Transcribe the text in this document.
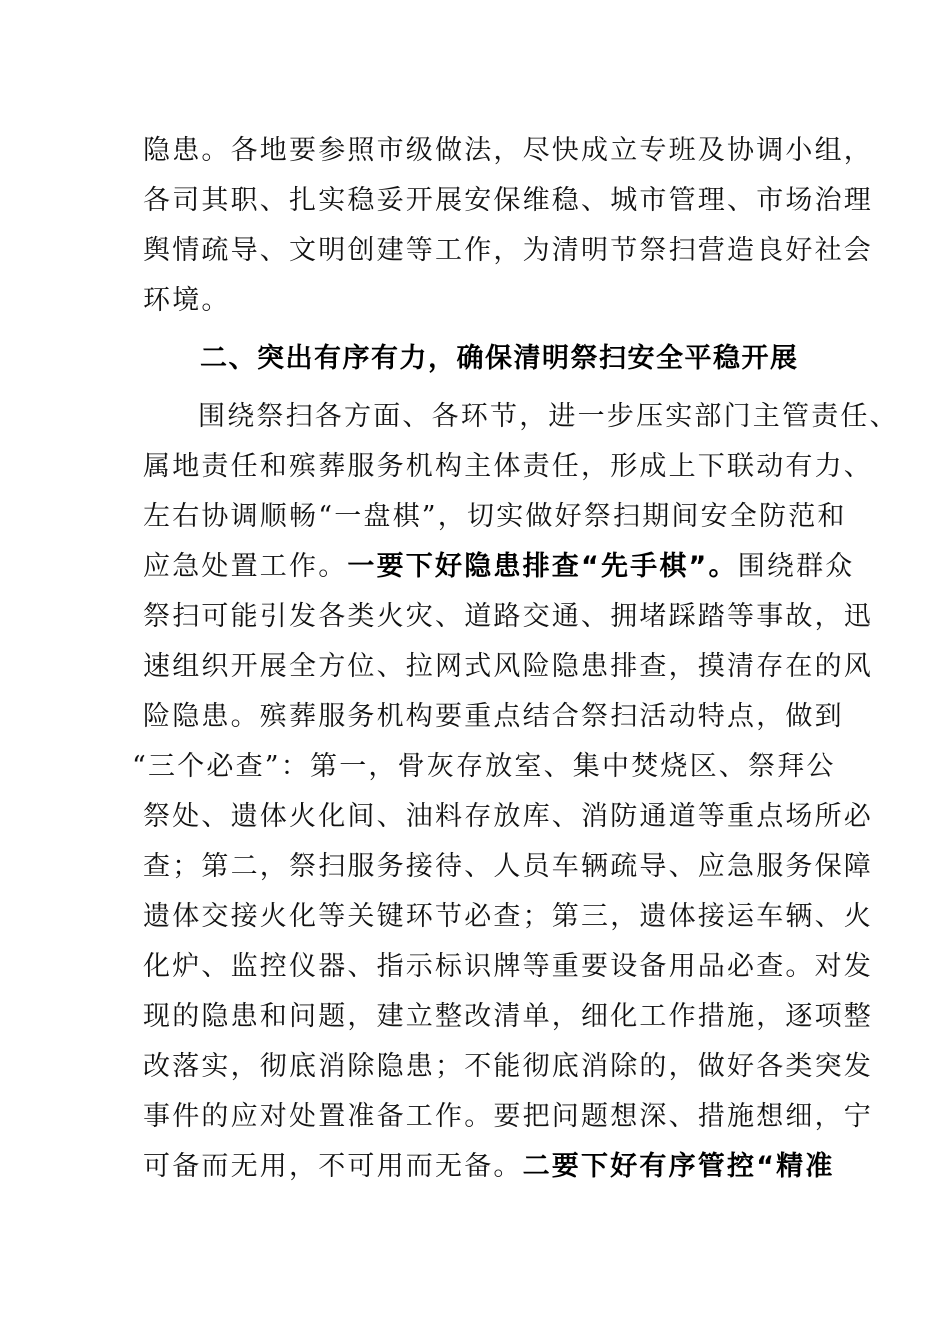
隐患。各地要参照市级做法，尽快成立专班及协调小组，
各司其职、扎实稳妥开展安保维稳、城市管理、市场治理
舆情疏导、文明创建等工作，为清明节祭扫营造良好社会
环境。
二、突出有序有力，确保清明祭扫安全平稳开展
围绕祭扫各方面、各环节，进一步压实部门主管责任、
属地责任和殡葬服务机构主体责任，形成上下联动有力、
左右协调顺畅“一盘棋”，切实做好祭扫期间安全防范和
应急处置工作。一要下好隐患排查“先手棋”。围绕群众
祭扫可能引发各类火灾、道路交通、拥堵踩踏等事故，迅
速组织开展全方位、拉网式风险隐患排查，摸清存在的风
险隐患。殡葬服务机构要重点结合祭扫活动特点，做到
“三个必查”：第一，骨灰存放室、集中焚烧区、祭拜公
祭处、遗体火化间、油料存放库、消防通道等重点场所必
查；第二，祭扫服务接待、人员车辆疏导、应急服务保障
遗体交接火化等关键环节必查；第三，遗体接运车辆、火
化炉、监控仪器、指示标识牌等重要设备用品必查。对发
现的隐患和问题，建立整改清单，细化工作措施，逐项整
改落实，彻底消除隐患；不能彻底消除的，做好各类突发
事件的应对处置准备工作。要把问题想深、措施想细，宁
可备而无用，不可用而无备。二要下好有序管控“精准
